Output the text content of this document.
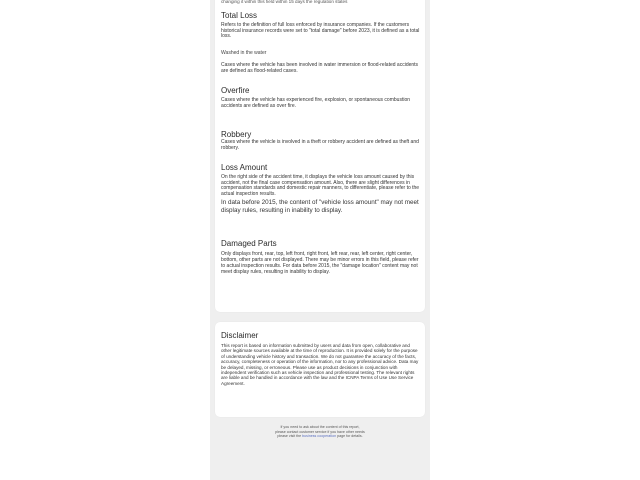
changing it within this field within 15 days the regulation states
Total Loss
Refers to the definition of full loss enforced by insurance companies. If the customers historical insurance records were set to "total damage" before 2023, it is defined as a total loss.
Washed in the water
Cases where the vehicle has been involved in water immersion or flood-related accidents are defined as flood-related cases.
Overfire
Cases where the vehicle has experienced fire, explosion, or spontaneous combustion accidents are defined as over fire.
Robbery
Cases where the vehicle is involved in a theft or robbery accident are defined as theft and robbery.
Loss Amount
On the right side of the accident time, it displays the vehicle loss amount caused by this accident, not the final case compensation amount. Also, there are slight differences in compensation standards and domestic repair manners, to differentiate, please refer to the actual inspection results.
In data before 2015, the content of "vehicle loss amount" may not meet display rules, resulting in inability to display.
Damaged Parts
Only displays front, rear, top, left front, right front, left rear, rear, left center, right center, bottom, other parts are not displayed. There may be minor errors in this field, please refer to actual inspection results. For data before 2015, the "damage location" content may not meet display rules, resulting in inability to display.
Disclaimer
This report is based on information submitted by users and data from open, collaborative and other legitimate sources available at the time of reproduction. It is provided solely for the purpose of understanding vehicle history and transaction. We do not guarantee the accuracy of the facts, accuracy, completeness or operation of the information, nor to any professional advice. Data may be delayed, missing, or erroneous. Please use as product decisions in conjunction with independent verification such as vehicle inspection and professional testing. The relevant rights are liable and be handled in accordance with the law and the ICNPA Terms of Use Use Service Agreement.
If you need to ask about the content of this report,
please contact customer service if you have other needs
please visit the business cooperation page for details.
